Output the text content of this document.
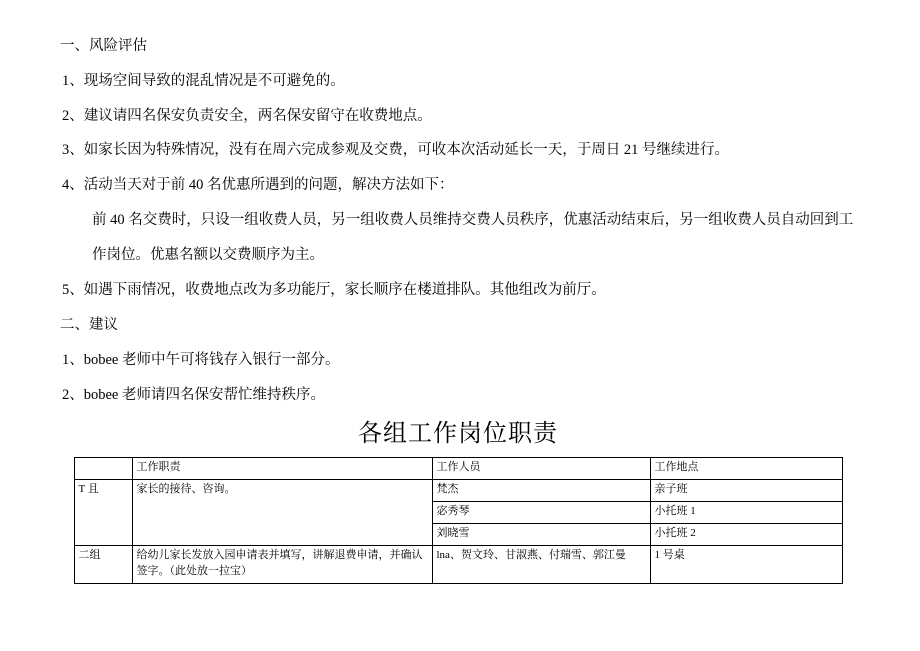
一、风险评估
1、现场空间导致的混乱情况是不可避免的。
2、建议请四名保安负责安全，两名保安留守在收费地点。
3、如家长因为特殊情况，没有在周六完成参观及交费，可收本次活动延长一天，于周日 21 号继续进行。
4、活动当天对于前 40 名优惠所遇到的问题，解决方法如下：
前 40 名交费时，只设一组收费人员，另一组收费人员维持交费人员秩序，优惠活动结束后，另一组收费人员自动回到工
作岗位。优惠名额以交费顺序为主。
5、如遇下雨情况，收费地点改为多功能厅，家长顺序在楼道排队。其他组改为前厅。
二、建议
1、bobee 老师中午可将钱存入银行一部分。
2、bobee 老师请四名保安帮忙维持秩序。
各组工作岗位职责
	工作职责	工作人员	工作地点
T 且	家长的接待、咨询。	梵杰	亲子班
		宓秀琴	小托班 1
		刘晓雪	小托班 2
二组	给幼儿家长发放入园申请表并填写，讲解退费申请，并确认签字。（此处放一拉宝）	lna、贺文玲、甘淑燕、付瑞雪、郭江曼	1 号桌
